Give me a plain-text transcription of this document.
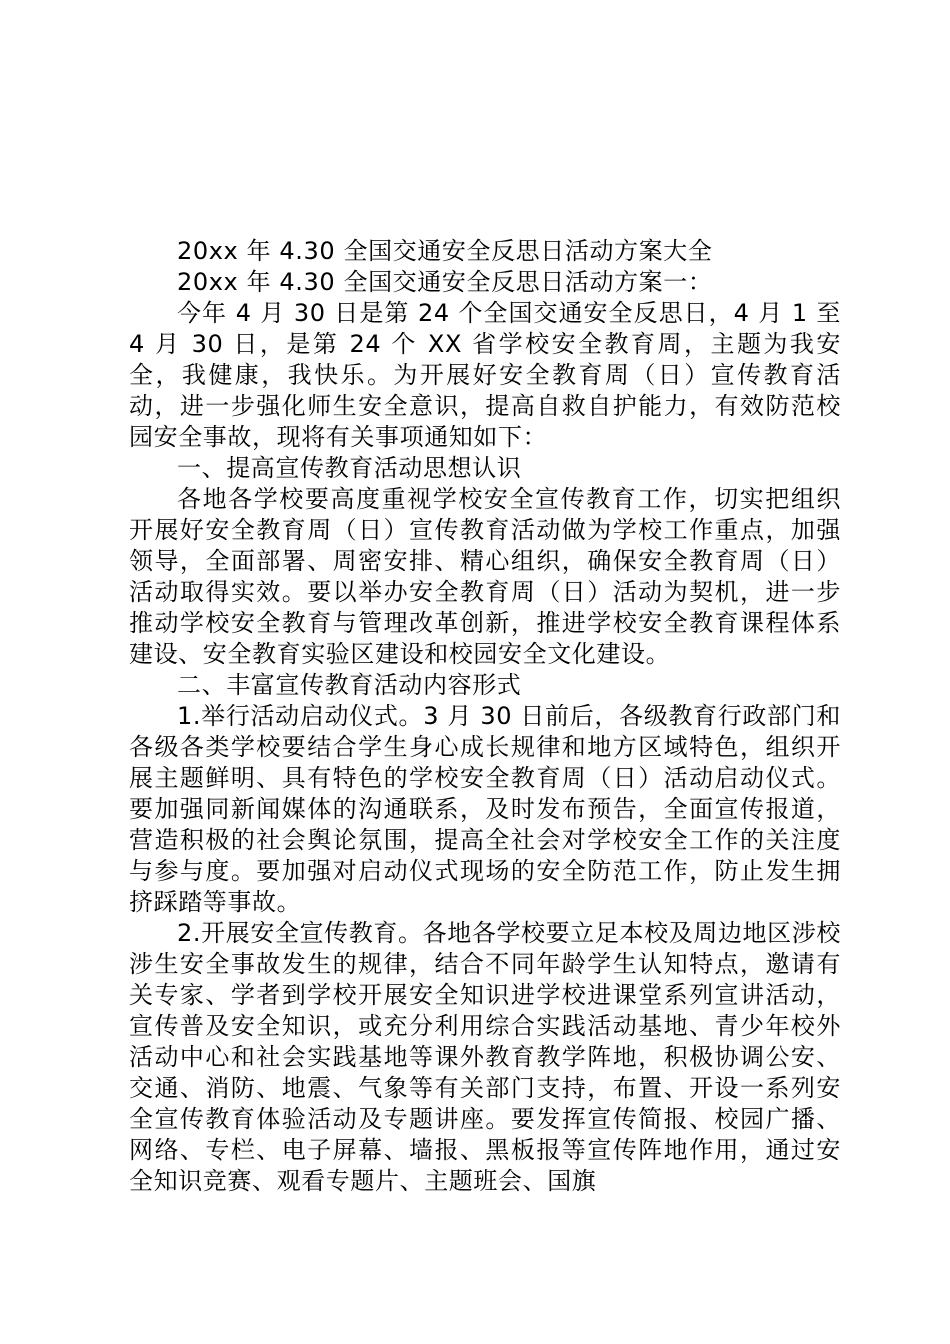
20xx 年 4.30 全国交通安全反思日活动方案大全

20xx 年 4.30 全国交通安全反思日活动方案一：

今年 4 月 30 日是第 24 个全国交通安全反思日，4 月 1 至 4 月 30 日，是第 24 个 XX 省学校安全教育周，主题为我安全，我健康，我快乐。为开展好安全教育周（日）宣传教育活动，进一步强化师生安全意识，提高自救自护能力，有效防范校园安全事故，现将有关事项通知如下：

一、提高宣传教育活动思想认识

各地各学校要高度重视学校安全宣传教育工作，切实把组织开展好安全教育周（日）宣传教育活动做为学校工作重点，加强领导，全面部署、周密安排、精心组织，确保安全教育周（日）活动取得实效。要以举办安全教育周（日）活动为契机，进一步推动学校安全教育与管理改革创新，推进学校安全教育课程体系建设、安全教育实验区建设和校园安全文化建设。

二、丰富宣传教育活动内容形式

1.举行活动启动仪式。3 月 30 日前后，各级教育行政部门和各级各类学校要结合学生身心成长规律和地方区域特色，组织开展主题鲜明、具有特色的学校安全教育周（日）活动启动仪式。要加强同新闻媒体的沟通联系，及时发布预告，全面宣传报道，营造积极的社会舆论氛围，提高全社会对学校安全工作的关注度与参与度。要加强对启动仪式现场的安全防范工作，防止发生拥挤踩踏等事故。

2.开展安全宣传教育。各地各学校要立足本校及周边地区涉校涉生安全事故发生的规律，结合不同年龄学生认知特点，邀请有关专家、学者到学校开展安全知识进学校进课堂系列宣讲活动，宣传普及安全知识，或充分利用综合实践活动基地、青少年校外活动中心和社会实践基地等课外教育教学阵地，积极协调公安、交通、消防、地震、气象等有关部门支持，布置、开设一系列安全宣传教育体验活动及专题讲座。要发挥宣传简报、校园广播、网络、专栏、电子屏幕、墙报、黑板报等宣传阵地作用，通过安全知识竞赛、观看专题片、主题班会、国旗
